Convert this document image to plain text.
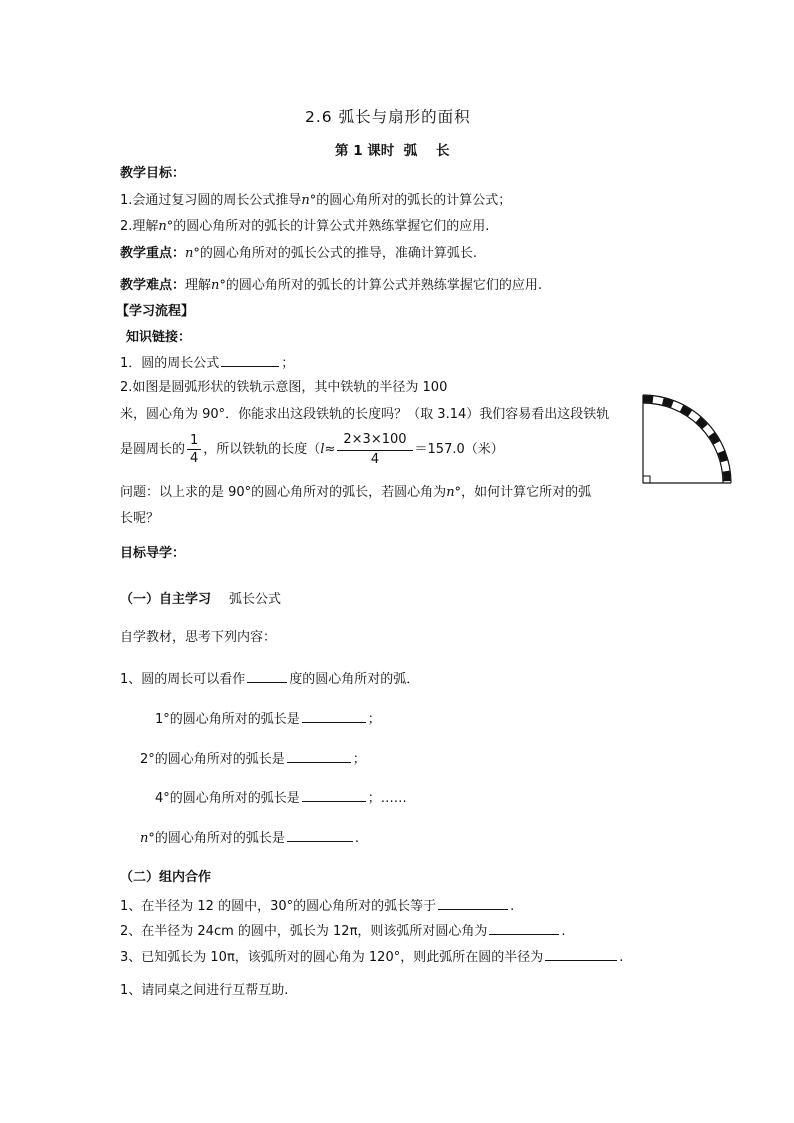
2.6 弧长与扇形的面积
第 1 课时  弧    长
教学目标：
1.会通过复习圆的周长公式推导n°的圆心角所对的弧长的计算公式；
2.理解n°的圆心角所对的弧长的计算公式并熟练掌握它们的应用.
教学重点：n°的圆心角所对的弧长公式的推导，准确计算弧长.
教学难点：理解n°的圆心角所对的弧长的计算公式并熟练掌握它们的应用.
【学习流程】
知识链接：
1．圆的周长公式	；
2.如图是圆弧形状的铁轨示意图，其中铁轨的半径为 100
米，圆心角为 90°．你能求出这段铁轨的长度吗？（取 3.14）我们容易看出这段铁轨
是圆周长的 $\frac{1}{4}$ ，所以铁轨的长度（$l\approx \frac{2\times 3\times 100}{4} =157.0$（米）
问题：以上求的是 90°的圆心角所对的弧长，若圆心角为n°，如何计算它所对的弧
长呢？
目标导学：
（一）自主学习 弧长公式
自学教材，思考下列内容：
1、圆的周长可以看作	度的圆心角所对的弧．
1°的圆心角所对的弧长是	；
2°的圆心角所对的弧长是	；
4°的圆心角所对的弧长是	；……
n°的圆心角所对的弧长是	.
（二）组内合作
1、在半径为 12 的圆中，30°的圆心角所对的弧长等于	.
2、在半径为 24cm 的圆中，弧长为 12π，则该弧所对圆心角为	.
3、已知弧长为 10π，该弧所对的圆心角为 120°，则此弧所在圆的半径为	.
1、请同桌之间进行互帮互助.
